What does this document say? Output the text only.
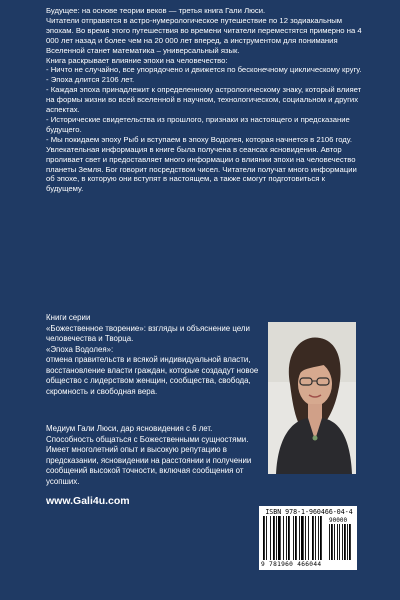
Будущее: на основе теории веков — третья книга Гали Люси.

Читатели отправятся в астро-нумерологическое путешествие по 12 зодиакальным эпохам. Во время этого путешествия во времени читатели переместятся примерно на 4 000 лет назад и более чем на 20 000 лет вперед, а инструментом для понимания Вселенной станет математика – универсальный язык.

Книга раскрывает влияние эпохи на человечество:

- Ничто не случайно, все упорядочено и движется по бесконечному циклическому кругу.

- Эпоха длится 2106 лет.

- Каждая эпоха принадлежит к определенному астрологическому знаку, который влияет на формы жизни во всей вселенной в научном, технологическом, социальном и других аспектах.

- Исторические свидетельства из прошлого, признаки из настоящего и предсказание будущего.

- Мы покидаем эпоху Рыб и вступаем в эпоху Водолея, которая начнется в 2106 году.

Увлекательная информация в книге была получена в сеансах ясновидения. Автор проливает свет и предоставляет много информации о влиянии эпохи на человечество планеты Земля. Бог говорит посредством чисел. Читатели получат много информации об эпохе, в которую они вступят в настоящем, а также смогут подготовиться к будущему.

Книги серии

«Божественное творение»: взгляды и объяснение цели человечества и Творца.

«Эпоха Водолея»:

отмена правительств и всякой индивидуальной власти, восстановление власти граждан, которые создадут новое общество с лидерством женщин, сообщества, свобода, скромность и свободная вера.

Медиум Гали Люси, дар ясновидения с 6 лет.

Способность общаться с Божественными сущностями. Имеет многолетний опыт и высокую репутацию в предсказании, ясновидении на расстоянии и получении сообщений высокой точности, включая сообщения от усопших.

www.Gali4u.com
ISBN 978-1-960466-04-4
90000
9 781960 466044
